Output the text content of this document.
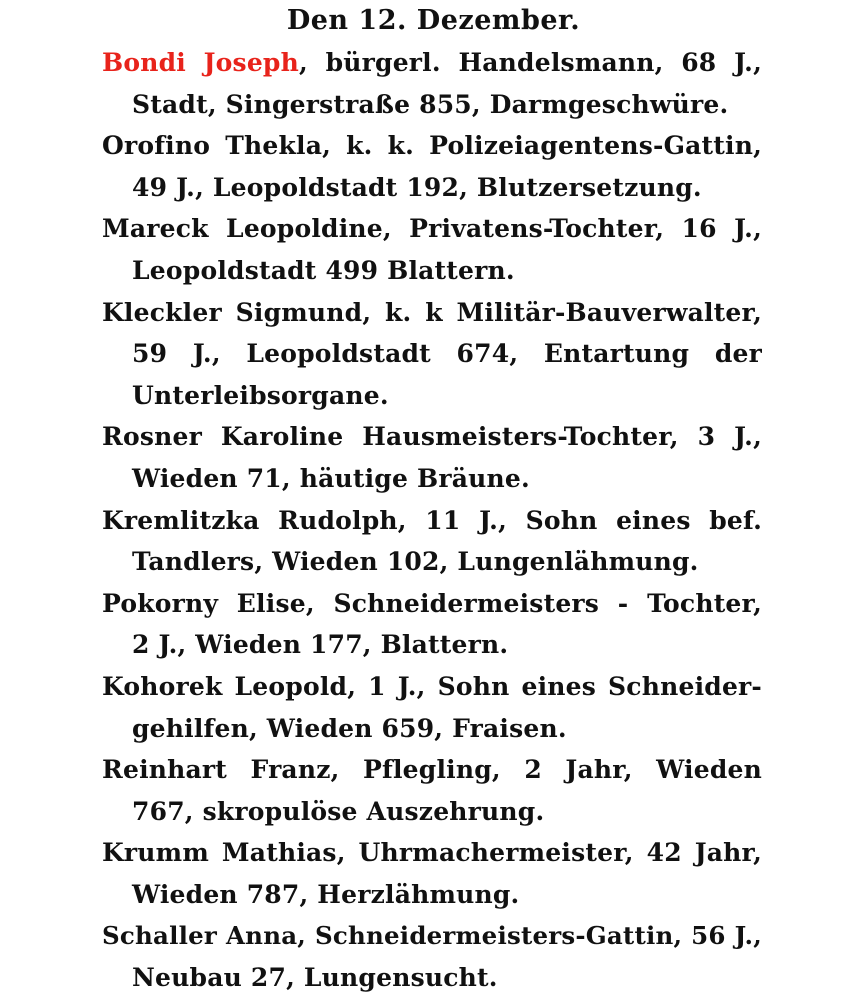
Den 12. Dezember.
Bondi Joseph, bürgerl. Handelsmann, 68 J.,
Stadt, Singerstraße 855, Darmgeschwüre.
Orofino Thekla, k. k. Polizeiagentens-Gattin,
49 J., Leopoldstadt 192, Blutzersetzung.
Mareck Leopoldine, Privatens-Tochter, 16 J.,
Leopoldstadt 499 Blattern.
Kleckler Sigmund, k. k Militär-Bauverwalter,
59 J., Leopoldstadt 674, Entartung der
Unterleibsorgane.
Rosner Karoline Hausmeisters-Tochter, 3 J.,
Wieden 71, häutige Bräune.
Kremlitzka Rudolph, 11 J., Sohn eines bef.
Tandlers, Wieden 102, Lungenlähmung.
Pokorny Elise, Schneidermeisters - Tochter,
2 J., Wieden 177, Blattern.
Kohorek Leopold, 1 J., Sohn eines Schneider-
gehilfen, Wieden 659, Fraisen.
Reinhart Franz, Pflegling, 2 Jahr, Wieden
767, skropulöse Auszehrung.
Krumm Mathias, Uhrmachermeister, 42 Jahr,
Wieden 787, Herzlähmung.
Schaller Anna, Schneidermeisters-Gattin, 56 J.,
Neubau 27, Lungensucht.
